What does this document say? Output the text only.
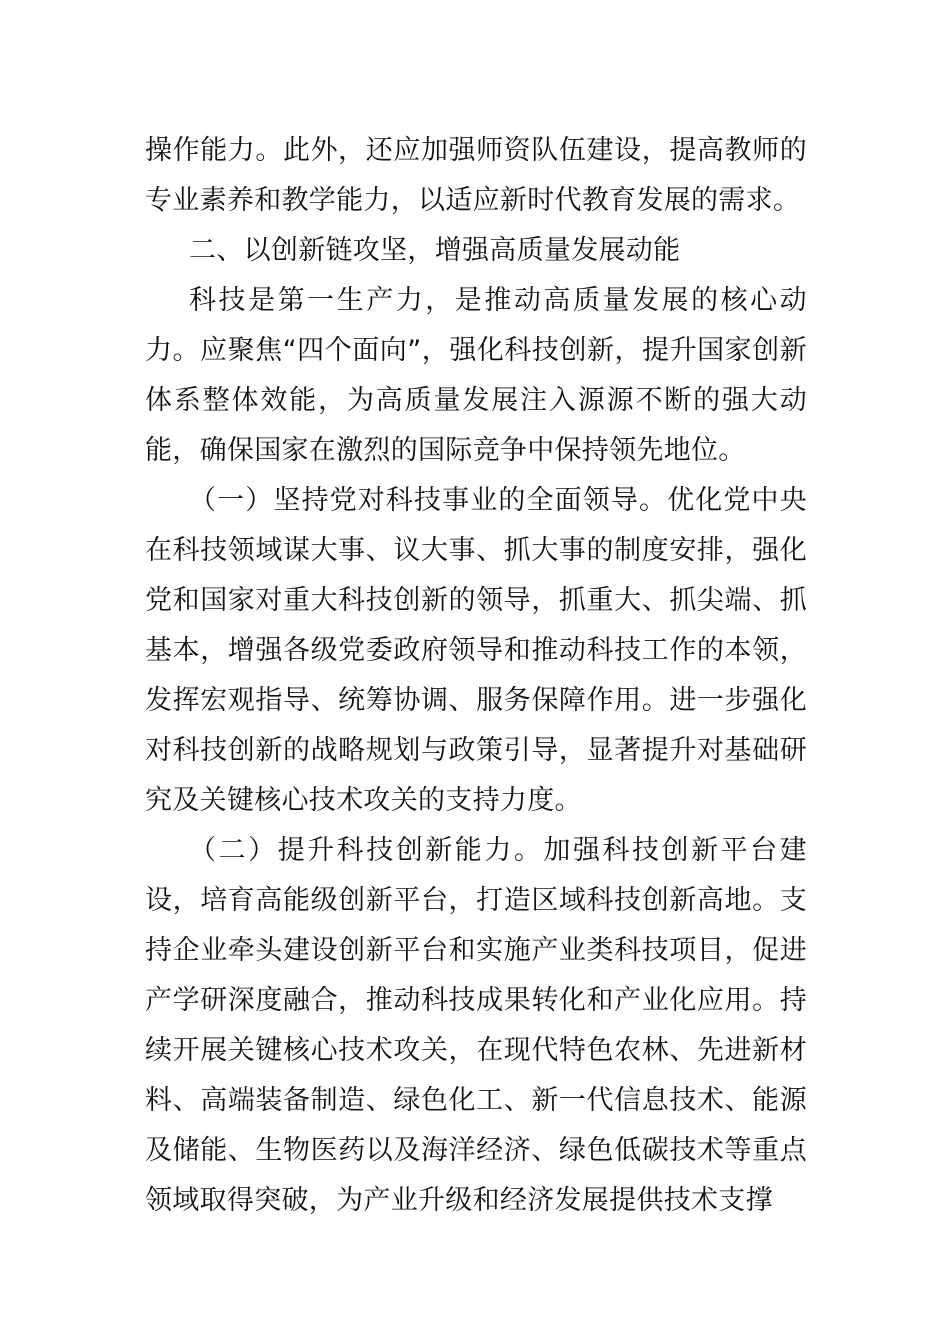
操作能力。此外，还应加强师资队伍建设，提高教师的专业素养和教学能力，以适应新时代教育发展的需求。

二、以创新链攻坚，增强高质量发展动能

科技是第一生产力，是推动高质量发展的核心动力。应聚焦“四个面向”，强化科技创新，提升国家创新体系整体效能，为高质量发展注入源源不断的强大动能，确保国家在激烈的国际竞争中保持领先地位。

（一）坚持党对科技事业的全面领导。优化党中央在科技领域谋大事、议大事、抓大事的制度安排，强化党和国家对重大科技创新的领导，抓重大、抓尖端、抓基本，增强各级党委政府领导和推动科技工作的本领，发挥宏观指导、统筹协调、服务保障作用。进一步强化对科技创新的战略规划与政策引导，显著提升对基础研究及关键核心技术攻关的支持力度。

（二）提升科技创新能力。加强科技创新平台建设，培育高能级创新平台，打造区域科技创新高地。支持企业牵头建设创新平台和实施产业类科技项目，促进产学研深度融合，推动科技成果转化和产业化应用。持续开展关键核心技术攻关，在现代特色农林、先进新材料、高端装备制造、绿色化工、新一代信息技术、能源及储能、生物医药以及海洋经济、绿色低碳技术等重点领域取得突破，为产业升级和经济发展提供技术支撑
